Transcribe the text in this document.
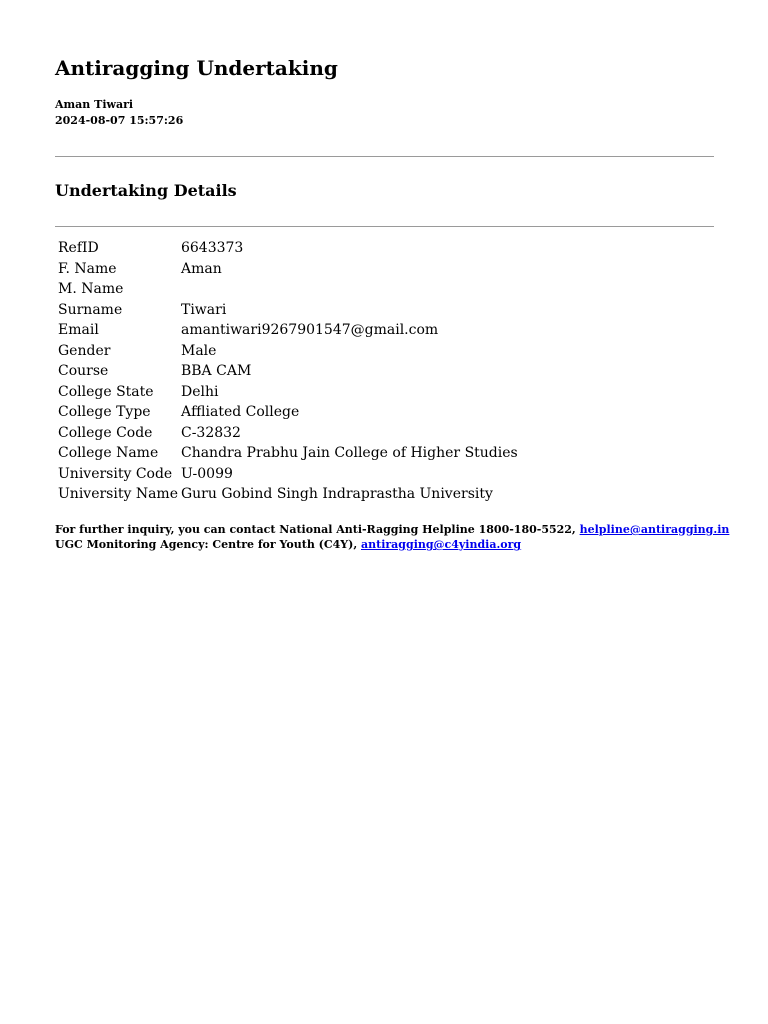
Antiragging Undertaking
Aman Tiwari
2024-08-07 15:57:26
Undertaking Details
RefID	6643373
F. Name	Aman
M. Name	
Surname	Tiwari
Email	amantiwari9267901547@gmail.com
Gender	Male
Course	BBA CAM
College State	Delhi
College Type	Affliated College
College Code	C-32832
College Name	Chandra Prabhu Jain College of Higher Studies
University Code	U-0099
University Name	Guru Gobind Singh Indraprastha University
For further inquiry, you can contact National Anti-Ragging Helpline 1800-180-5522, helpline@antiragging.in
UGC Monitoring Agency: Centre for Youth (C4Y), antiragging@c4yindia.org
